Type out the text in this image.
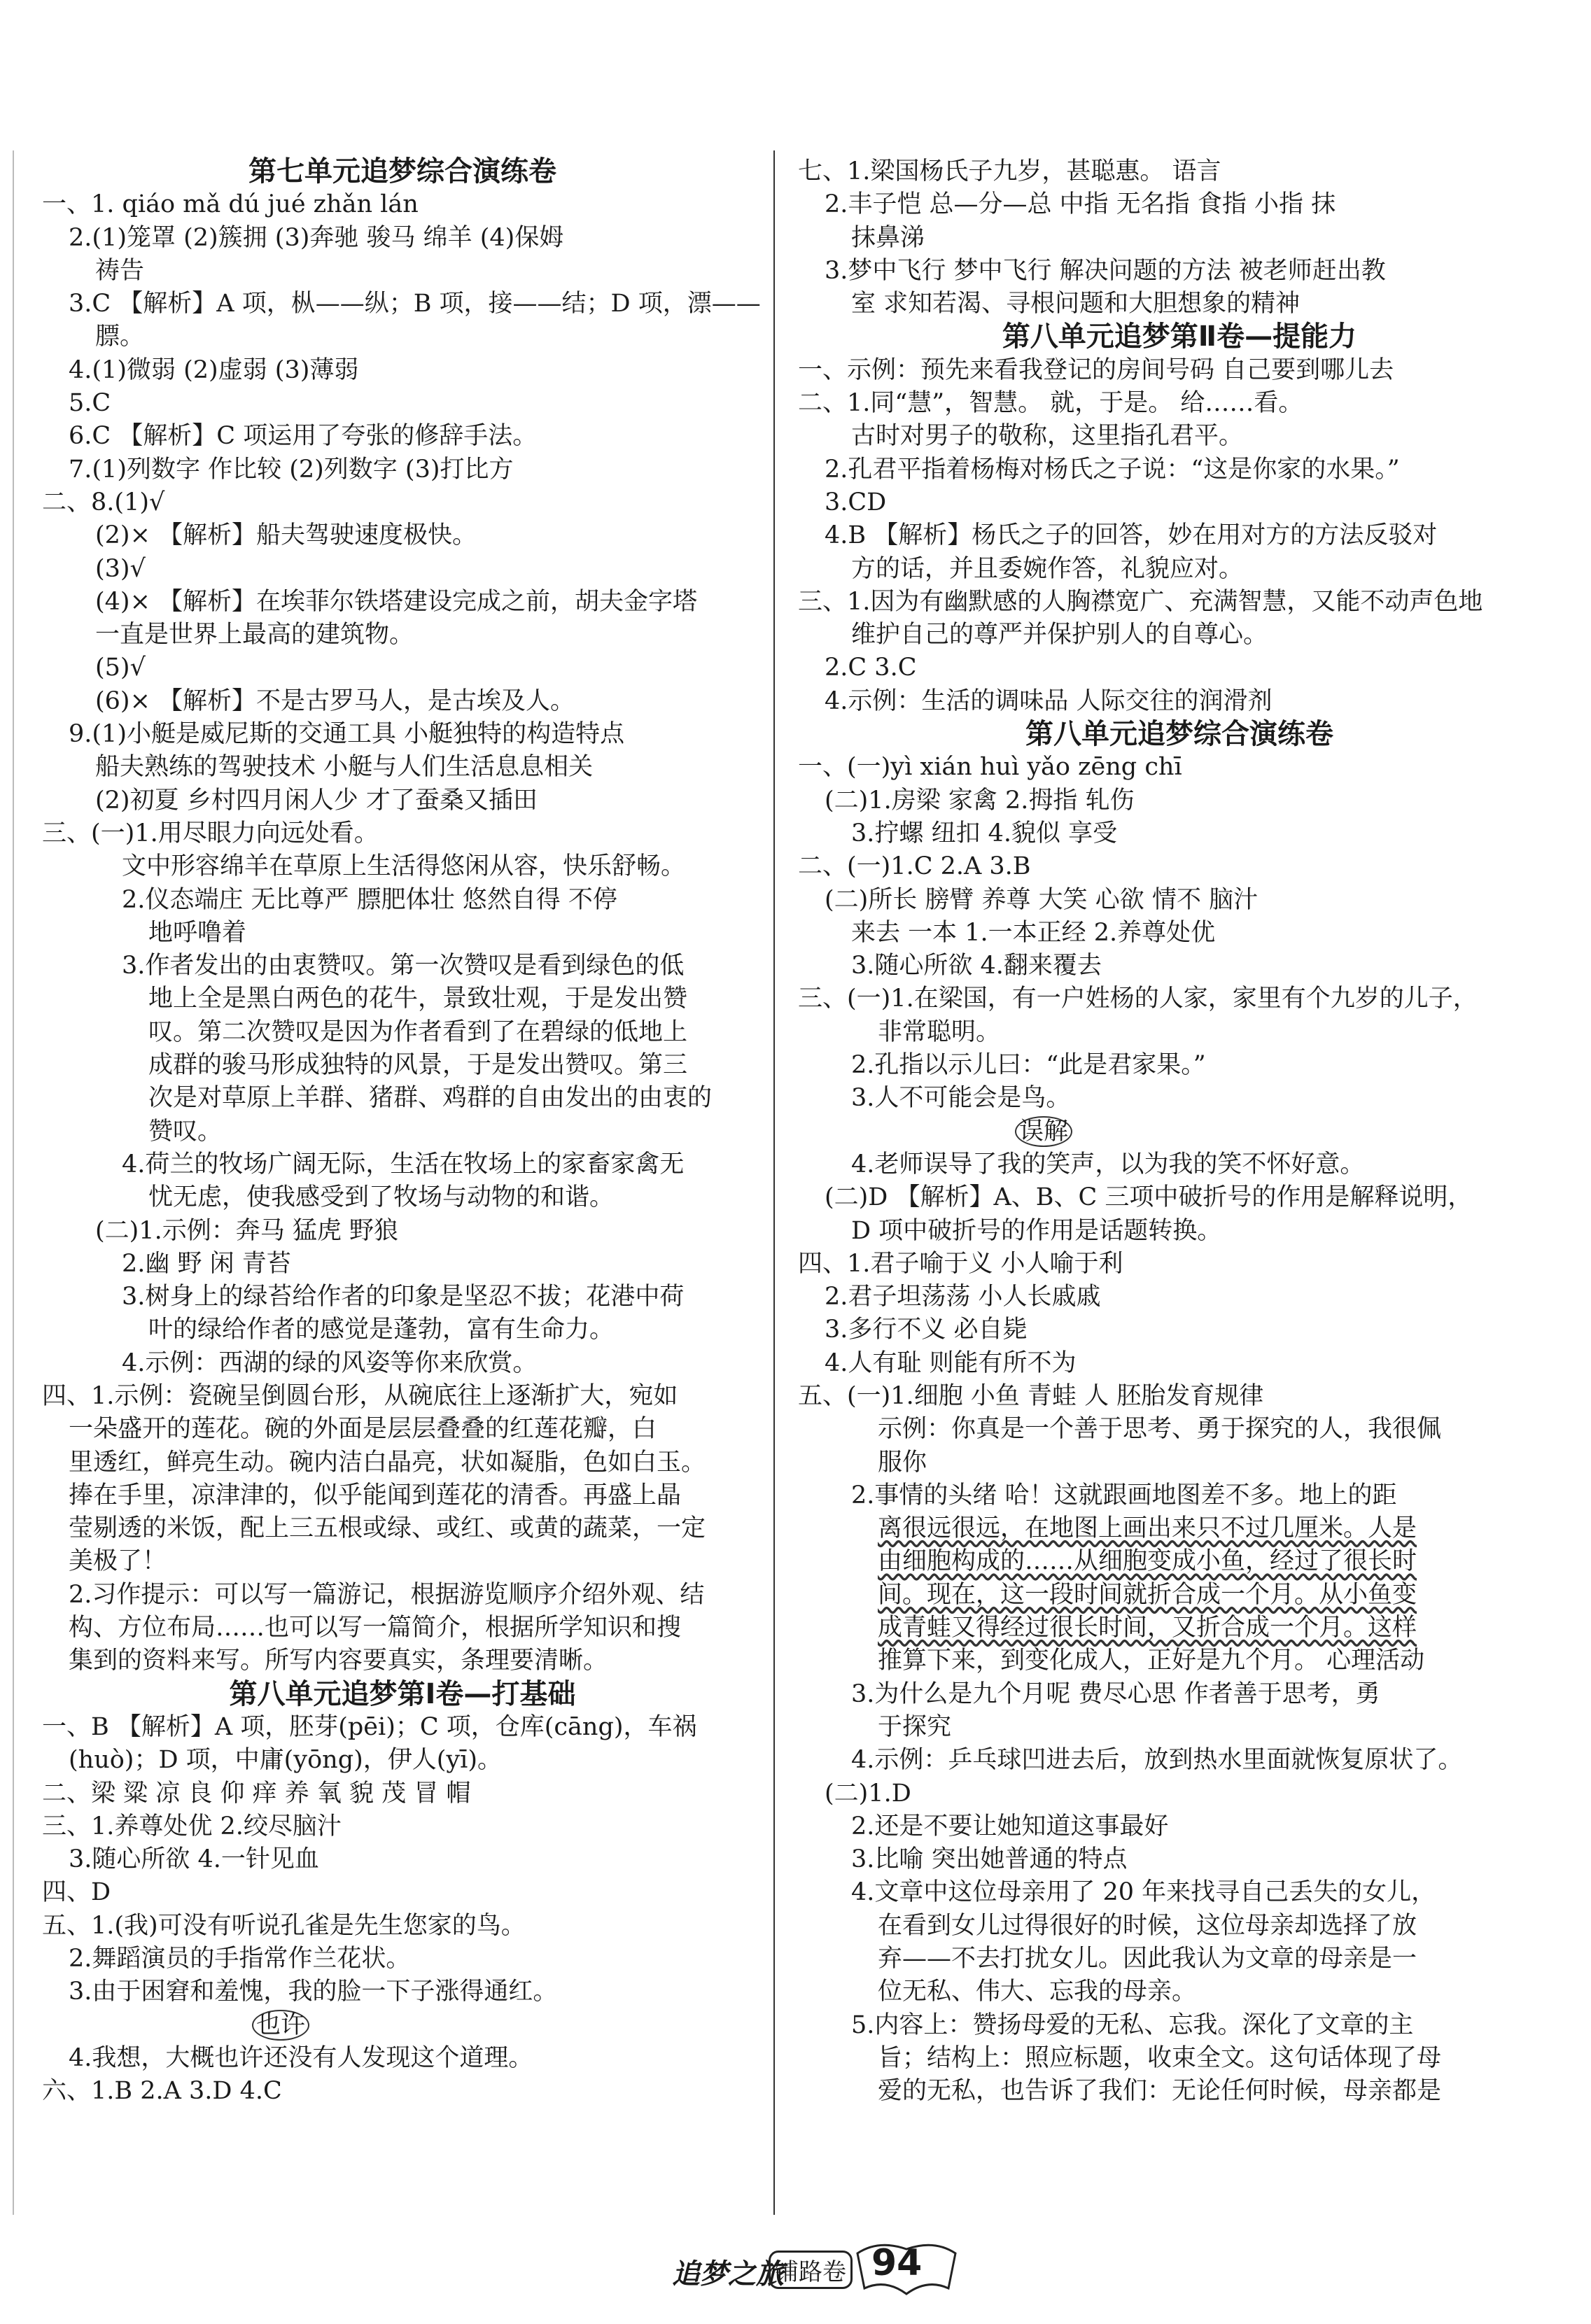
第七单元追梦综合演练卷
一、1. qiáo mǎ dú jué zhǎn lán
2.(1)笼罩 (2)簇拥 (3)奔驰 骏马 绵羊 (4)保姆
祷告
3.C 【解析】A 项，枞——纵；B 项，接——结；D 项，漂——
膘。
4.(1)微弱 (2)虚弱 (3)薄弱
5.C
6.C 【解析】C 项运用了夸张的修辞手法。
7.(1)列数字 作比较 (2)列数字 (3)打比方
二、8.(1)√
(2)× 【解析】船夫驾驶速度极快。
(3)√
(4)× 【解析】在埃菲尔铁塔建设完成之前，胡夫金字塔
一直是世界上最高的建筑物。
(5)√
(6)× 【解析】不是古罗马人，是古埃及人。
9.(1)小艇是威尼斯的交通工具 小艇独特的构造特点
船夫熟练的驾驶技术 小艇与人们生活息息相关
(2)初夏 乡村四月闲人少 才了蚕桑又插田
三、(一)1.用尽眼力向远处看。
文中形容绵羊在草原上生活得悠闲从容，快乐舒畅。
2.仪态端庄 无比尊严 膘肥体壮 悠然自得 不停
地呼噜着
3.作者发出的由衷赞叹。第一次赞叹是看到绿色的低
地上全是黑白两色的花牛，景致壮观，于是发出赞
叹。第二次赞叹是因为作者看到了在碧绿的低地上
成群的骏马形成独特的风景，于是发出赞叹。第三
次是对草原上羊群、猪群、鸡群的自由发出的由衷的
赞叹。
4.荷兰的牧场广阔无际，生活在牧场上的家畜家禽无
忧无虑，使我感受到了牧场与动物的和谐。
(二)1.示例：奔马 猛虎 野狼
2.幽 野 闲 青苔
3.树身上的绿苔给作者的印象是坚忍不拔；花港中荷
叶的绿给作者的感觉是蓬勃，富有生命力。
4.示例：西湖的绿的风姿等你来欣赏。
四、1.示例：瓷碗呈倒圆台形，从碗底往上逐渐扩大，宛如
一朵盛开的莲花。碗的外面是层层叠叠的红莲花瓣，白
里透红，鲜亮生动。碗内洁白晶亮，状如凝脂，色如白玉。
捧在手里，凉津津的，似乎能闻到莲花的清香。再盛上晶
莹剔透的米饭，配上三五根或绿、或红、或黄的蔬菜，一定
美极了！
2.习作提示：可以写一篇游记，根据游览顺序介绍外观、结
构、方位布局……也可以写一篇简介，根据所学知识和搜
集到的资料来写。所写内容要真实，条理要清晰。
第八单元追梦第Ⅰ卷—打基础
一、B 【解析】A 项，胚芽(pēi)；C 项，仓库(cāng)，车祸
(huò)；D 项，中庸(yōng)，伊人(yī)。
二、梁 粱 凉 良 仰 痒 养 氧 貌 茂 冒 帽
三、1.养尊处优 2.绞尽脑汁
3.随心所欲 4.一针见血
四、D
五、1.(我)可没有听说孔雀是先生您家的鸟。
2.舞蹈演员的手指常作兰花状。
3.由于困窘和羞愧，我的脸一下子涨得通红。
也许
4.我想，大概也许还没有人发现这个道理。
六、1.B 2.A 3.D 4.C
七、1.梁国杨氏子九岁，甚聪惠。 语言
2.丰子恺 总—分—总 中指 无名指 食指 小指 抹
抹鼻涕
3.梦中飞行 梦中飞行 解决问题的方法 被老师赶出教
室 求知若渴、寻根问题和大胆想象的精神
第八单元追梦第Ⅱ卷—提能力
一、示例：预先来看我登记的房间号码 自己要到哪儿去
二、1.同“慧”，智慧。 就，于是。 给……看。
古时对男子的敬称，这里指孔君平。
2.孔君平指着杨梅对杨氏之子说：“这是你家的水果。”
3.CD
4.B 【解析】杨氏之子的回答，妙在用对方的方法反驳对
方的话，并且委婉作答，礼貌应对。
三、1.因为有幽默感的人胸襟宽广、充满智慧，又能不动声色地
维护自己的尊严并保护别人的自尊心。
2.C 3.C
4.示例：生活的调味品 人际交往的润滑剂
第八单元追梦综合演练卷
一、(一)yì xián huì yǎo zēng chī
(二)1.房梁 家禽 2.拇指 轧伤
3.拧螺 纽扣 4.貌似 享受
二、(一)1.C 2.A 3.B
(二)所长 膀臂 养尊 大笑 心欲 情不 脑汁
来去 一本 1.一本正经 2.养尊处优
3.随心所欲 4.翻来覆去
三、(一)1.在梁国，有一户姓杨的人家，家里有个九岁的儿子，
非常聪明。
2.孔指以示儿曰：“此是君家果。”
3.人不可能会是鸟。
误解
4.老师误导了我的笑声，以为我的笑不怀好意。
(二)D 【解析】A、B、C 三项中破折号的作用是解释说明，
D 项中破折号的作用是话题转换。
四、1.君子喻于义 小人喻于利
2.君子坦荡荡 小人长戚戚
3.多行不义 必自毙
4.人有耻 则能有所不为
五、(一)1.细胞 小鱼 青蛙 人 胚胎发育规律
示例：你真是一个善于思考、勇于探究的人，我很佩
服你
2.事情的头绪 哈！这就跟画地图差不多。地上的距
离很远很远，在地图上画出来只不过几厘米。人是
由细胞构成的……从细胞变成小鱼，经过了很长时
间。现在，这一段时间就折合成一个月。从小鱼变
成青蛙又得经过很长时间，又折合成一个月。这样
推算下来，到变化成人，正好是九个月。 心理活动
3.为什么是九个月呢 费尽心思 作者善于思考，勇
于探究
4.示例：乒乓球凹进去后，放到热水里面就恢复原状了。
(二)1.D
2.还是不要让她知道这事最好
3.比喻 突出她普通的特点
4.文章中这位母亲用了 20 年来找寻自己丢失的女儿，
在看到女儿过得很好的时候，这位母亲却选择了放
弃——不去打扰女儿。因此我认为文章的母亲是一
位无私、伟大、忘我的母亲。
5.内容上：赞扬母爱的无私、忘我。深化了文章的主
旨；结构上：照应标题，收束全文。这句话体现了母
爱的无私，也告诉了我们：无论任何时候，母亲都是
追梦之旅
铺路卷 94
